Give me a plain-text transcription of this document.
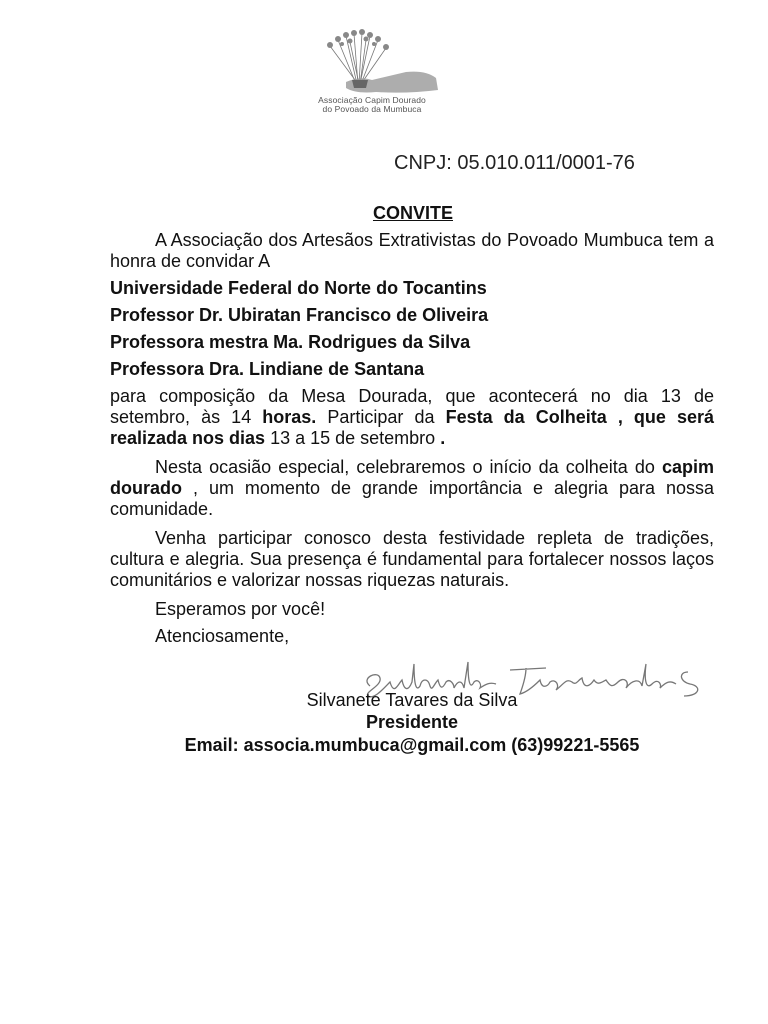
Associação Capim Dourado
do Povoado da Mumbuca
CNPJ: 05.010.011/0001-76
CONVITE

A Associação dos Artesãos Extrativistas do Povoado Mumbuca tem a honra de convidar A

Universidade Federal do Norte do Tocantins

Professor Dr. Ubiratan Francisco de Oliveira

Professora mestra Ma. Rodrigues da Silva

Professora Dra. Lindiane de Santana

para composição da Mesa Dourada, que acontecerá no dia 13 de setembro, às 14 horas. Participar da Festa da Colheita , que será realizada nos dias 13 a 15 de setembro .

Nesta ocasião especial, celebraremos o início da colheita do capim dourado , um momento de grande importância e alegria para nossa comunidade.

Venha participar conosco desta festividade repleta de tradições, cultura e alegria. Sua presença é fundamental para fortalecer nossos laços comunitários e valorizar nossas riquezas naturais.

Esperamos por você!

Atenciosamente,

Silvanete Tavares da Silva
Presidente
Email: associa.mumbuca@gmail.com (63)99221-5565
